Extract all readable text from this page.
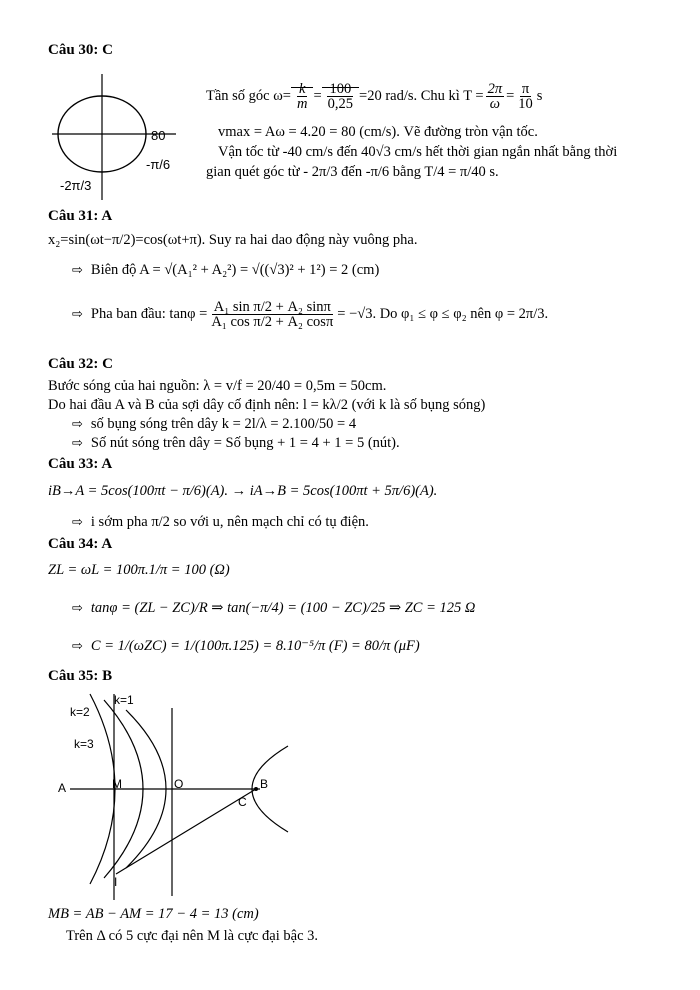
Câu 30: C
80
-π/6
-2π/3
Tần số góc $\omega= \frac{k}{m} = \frac{100}{0,25} =20$ rad/s. Chu kì $T = \frac{2\pi}{\omega} = \frac{\pi}{10}$ s
vmax = Aω = 4.20 = 80 (cm/s). Vẽ đường tròn vận tốc.
Vận tốc từ -40 cm/s đến 40√3 cm/s hết thời gian ngắn nhất bằng thời
gian quét góc từ - 2π/3 đến -π/6 bằng T/4 = π/40 s.
Câu 31: A
x₂=sin(ωt−π/2)=cos(ωt+π). Suy ra hai dao động này vuông pha.
⇨ Biên độ A = √(A₁² + A₂²) = √((√3)² + 1²) = 2 (cm)
⇨ Pha ban đầu: $\tan\varphi = \frac{\text{A₁ sin π/2 + A₂ sinπ}}{\text{A₁ cos π/2 + A₂ cosπ}} = -√3$. Do φ₁ ≤ φ ≤ φ₂ nên φ = 2π/3.
Câu 32: C
Bước sóng của hai nguồn: λ = v/f = 20/40 = 0,5m = 50cm.
Do hai đầu A và B của sợi dây cố định nên: l = kλ/2 (với k là số bụng sóng)
⇨ số bụng sóng trên dây k = 2l/λ = 2.100/50 = 4
⇨ Số nút sóng trên dây = Số bụng + 1 = 4 + 1 = 5 (nút).
Câu 33: A
iB→A = 5cos(100πt − π/6)(A). → iA→B = 5cos(100πt + 5π/6)(A).
⇨ i sớm pha π/2 so với u, nên mạch chỉ có tụ điện.
Câu 34: A
ZL = ωL = 100π.1/π = 100 (Ω)
⇨ tanφ = (ZL − ZC)/R ⇒ tan(−π/4) = (100 − ZC)/25 ⇒ ZC = 125 Ω
⇨ C = 1/(ωZC) = 1/(100π.125) = 8.10⁻⁵/π (F) = 80/π (μF)
Câu 35: B
k=1
k=2
k=3
A	M	O	B
C
I
MB = AB − AM = 17 − 4 = 13 (cm)
Trên Δ có 5 cực đại nên M là cực đại bậc 3.
